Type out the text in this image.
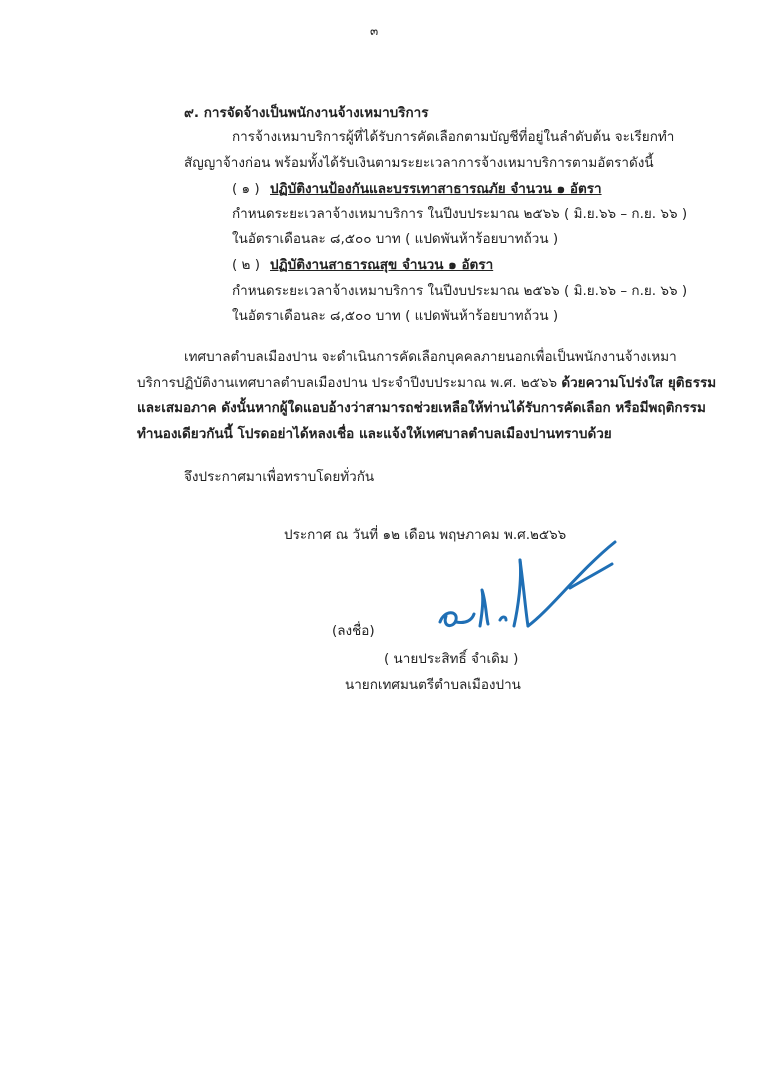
๓
๙. การจัดจ้างเป็นพนักงานจ้างเหมาบริการ
การจ้างเหมาบริการผู้ที่ได้รับการคัดเลือกตามบัญชีที่อยู่ในลำดับต้น จะเรียกทำ
สัญญาจ้างก่อน พร้อมทั้งได้รับเงินตามระยะเวลาการจ้างเหมาบริการตามอัตราดังนี้
( ๑ ) ปฏิบัติงานป้องกันและบรรเทาสาธารณภัย จำนวน ๑ อัตรา
กำหนดระยะเวลาจ้างเหมาบริการ ในปีงบประมาณ ๒๕๖๖ ( มิ.ย.๖๖ – ก.ย. ๖๖ )
ในอัตราเดือนละ ๘,๕๐๐ บาท ( แปดพันห้าร้อยบาทถ้วน )
( ๒ ) ปฏิบัติงานสาธารณสุข จำนวน ๑ อัตรา
กำหนดระยะเวลาจ้างเหมาบริการ ในปีงบประมาณ ๒๕๖๖ ( มิ.ย.๖๖ – ก.ย. ๖๖ )
ในอัตราเดือนละ ๘,๕๐๐ บาท ( แปดพันห้าร้อยบาทถ้วน )
เทศบาลตำบลเมืองปาน จะดำเนินการคัดเลือกบุคคลภายนอกเพื่อเป็นพนักงานจ้างเหมา
บริการปฏิบัติงานเทศบาลตำบลเมืองปาน ประจำปีงบประมาณ พ.ศ. ๒๕๖๖ ด้วยความโปร่งใส ยุติธรรม
และเสมอภาค ดังนั้นหากผู้ใดแอบอ้างว่าสามารถช่วยเหลือให้ท่านได้รับการคัดเลือก หรือมีพฤติกรรม
ทำนองเดียวกันนี้ โปรดอย่าได้หลงเชื่อ และแจ้งให้เทศบาลตำบลเมืองปานทราบด้วย
จึงประกาศมาเพื่อทราบโดยทั่วกัน
ประกาศ ณ วันที่ ๑๒ เดือน พฤษภาคม พ.ศ.๒๕๖๖
(ลงชื่อ)
( นายประสิทธิ์ จำเดิม )
นายกเทศมนตรีตำบลเมืองปาน
